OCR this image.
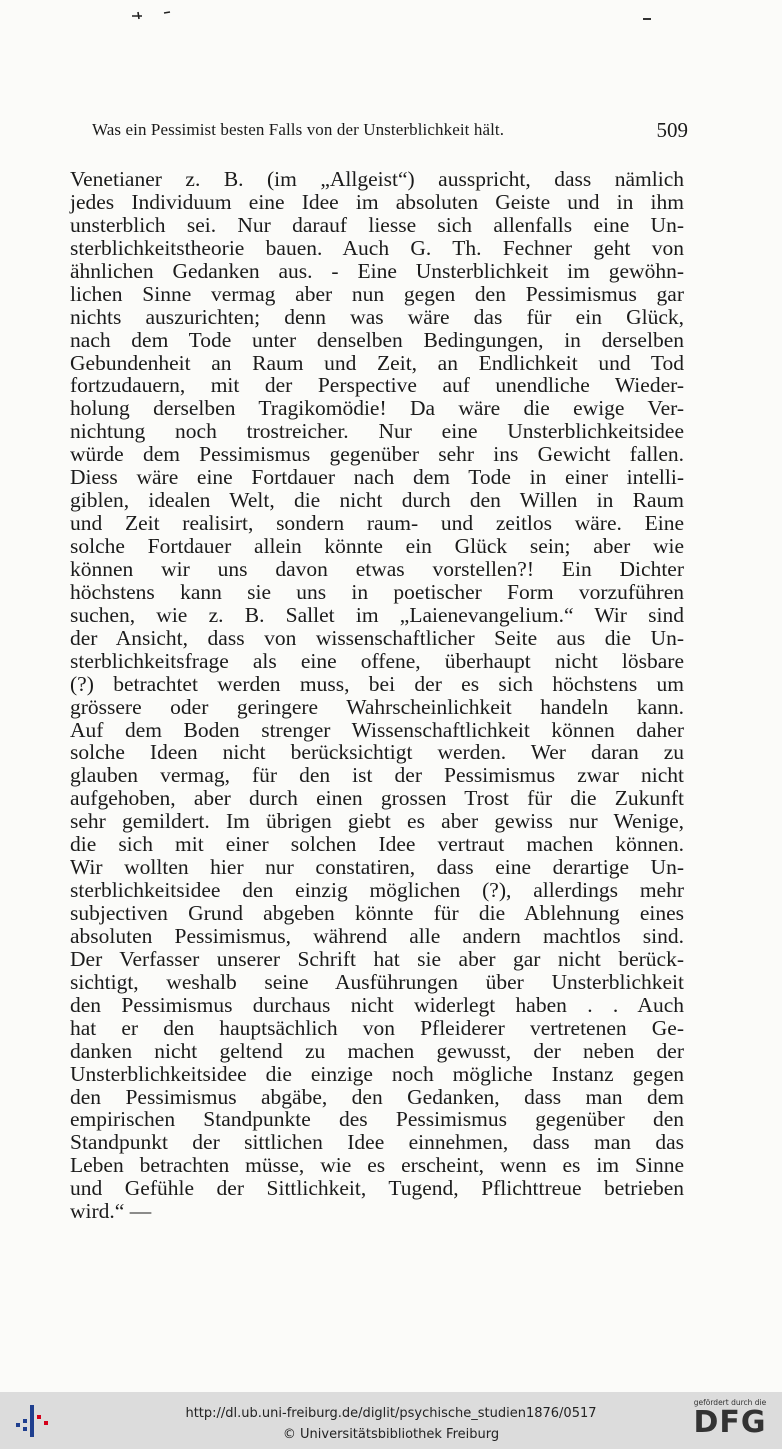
Was ein Pessimist besten Falls von der Unsterblichkeit hält.	509
Venetianer z. B. (im „Allgeist“) ausspricht, dass nämlich
jedes Individuum eine Idee im absoluten Geiste und in ihm
unsterblich sei. Nur darauf liesse sich allenfalls eine Un-
sterblichkeitstheorie bauen. Auch G. Th. Fechner geht von
ähnlichen Gedanken aus. - Eine Unsterblichkeit im gewöhn-
lichen Sinne vermag aber nun gegen den Pessimismus gar
nichts auszurichten; denn was wäre das für ein Glück,
nach dem Tode unter denselben Bedingungen, in derselben
Gebundenheit an Raum und Zeit, an Endlichkeit und Tod
fortzudauern, mit der Perspective auf unendliche Wieder-
holung derselben Tragikomödie! Da wäre die ewige Ver-
nichtung noch trostreicher. Nur eine Unsterblichkeitsidee
würde dem Pessimismus gegenüber sehr ins Gewicht fallen.
Diess wäre eine Fortdauer nach dem Tode in einer intelli-
giblen, idealen Welt, die nicht durch den Willen in Raum
und Zeit realisirt, sondern raum- und zeitlos wäre. Eine
solche Fortdauer allein könnte ein Glück sein; aber wie
können wir uns davon etwas vorstellen?! Ein Dichter
höchstens kann sie uns in poetischer Form vorzuführen
suchen, wie z. B. Sallet im „Laienevangelium.“ Wir sind
der Ansicht, dass von wissenschaftlicher Seite aus die Un-
sterblichkeitsfrage als eine offene, überhaupt nicht lösbare
(?) betrachtet werden muss, bei der es sich höchstens um
grössere oder geringere Wahrscheinlichkeit handeln kann.
Auf dem Boden strenger Wissenschaftlichkeit können daher
solche Ideen nicht berücksichtigt werden. Wer daran zu
glauben vermag, für den ist der Pessimismus zwar nicht
aufgehoben, aber durch einen grossen Trost für die Zukunft
sehr gemildert. Im übrigen giebt es aber gewiss nur Wenige,
die sich mit einer solchen Idee vertraut machen können.
Wir wollten hier nur constatiren, dass eine derartige Un-
sterblichkeitsidee den einzig möglichen (?), allerdings mehr
subjectiven Grund abgeben könnte für die Ablehnung eines
absoluten Pessimismus, während alle andern machtlos sind.
Der Verfasser unserer Schrift hat sie aber gar nicht berück-
sichtigt, weshalb seine Ausführungen über Unsterblichkeit
den Pessimismus durchaus nicht widerlegt haben . . Auch
hat er den hauptsächlich von Pfleiderer vertretenen Ge-
danken nicht geltend zu machen gewusst, der neben der
Unsterblichkeitsidee die einzige noch mögliche Instanz gegen
den Pessimismus abgäbe, den Gedanken, dass man dem
empirischen Standpunkte des Pessimismus gegenüber den
Standpunkt der sittlichen Idee einnehmen, dass man das
Leben betrachten müsse, wie es erscheint, wenn es im Sinne
und Gefühle der Sittlichkeit, Tugend, Pflichttreue betrieben
wird.“ —
http://dl.ub.uni-freiburg.de/diglit/psychische_studien1876/0517
© Universitätsbibliothek Freiburg
gefördert durch die
DFG
